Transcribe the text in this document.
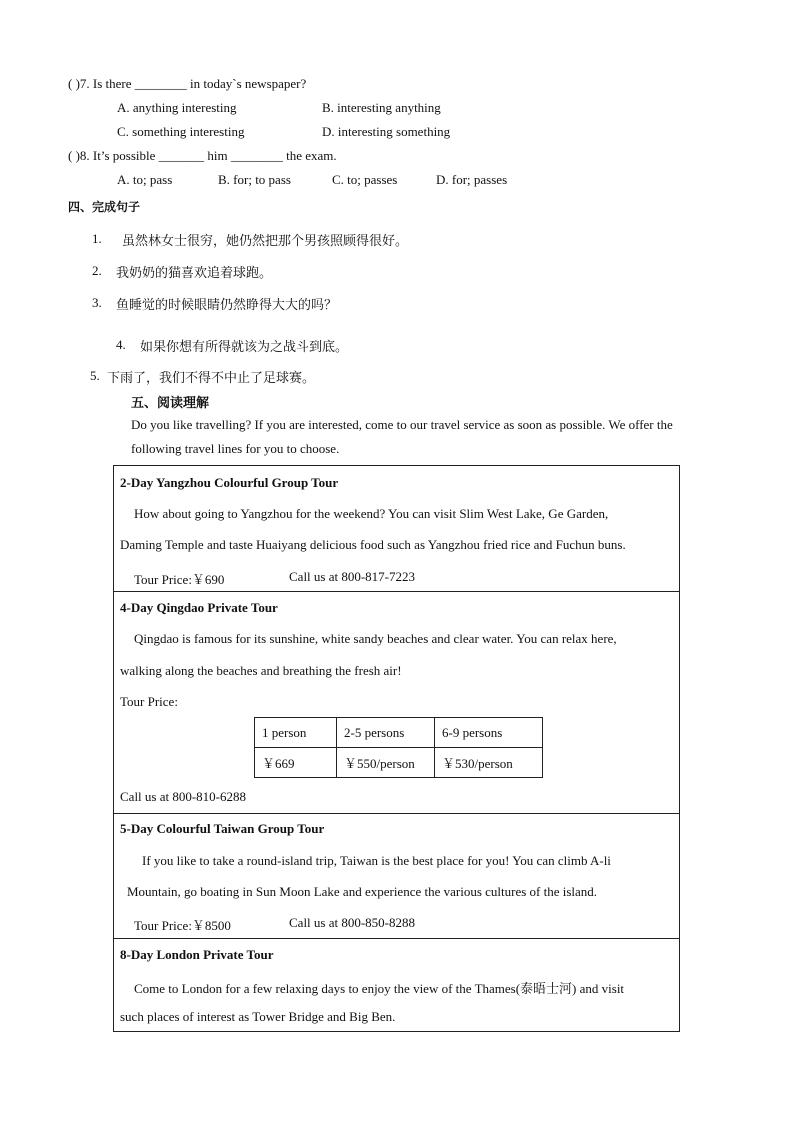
( )7. Is there ________ in today`s newspaper?
A. anything interesting	B. interesting anything
C. something interesting	D. interesting something
( )8. It’s possible _______ him ________ the exam.
A. to; pass	B. for; to pass	C. to; passes	D. for; passes
四、完成句子
1. 虽然林女士很穷，她仍然把那个男孩照顾得很好。
2. 我奶奶的猫喜欢追着球跑。
3. 鱼睡觉的时候眼睛仍然睁得大大的吗？
4. 如果你想有所得就该为之战斗到底。
5. 下雨了，我们不得不中止了足球赛。
五、阅读理解
Do you like travelling? If you are interested, come to our travel service as soon as possible. We offer the
following travel lines for you to choose.
2-Day Yangzhou Colourful Group Tour
How about going to Yangzhou for the weekend? You can visit Slim West Lake, Ge Garden,
Daming Temple and taste Huaiyang delicious food such as Yangzhou fried rice and Fuchun buns.
Tour Price:￥690	Call us at 800-817-7223
4-Day Qingdao Private Tour
Qingdao is famous for its sunshine, white sandy beaches and clear water. You can relax here,
walking along the beaches and breathing the fresh air!
Tour Price:
1 person	2-5 persons	6-9 persons
￥669	￥550/person	￥530/person
Call us at 800-810-6288
5-Day Colourful Taiwan Group Tour
If you like to take a round-island trip, Taiwan is the best place for you! You can climb A-li
Mountain, go boating in Sun Moon Lake and experience the various cultures of the island.
Tour Price:￥8500	Call us at 800-850-8288
8-Day London Private Tour
Come to London for a few relaxing days to enjoy the view of the Thames(泰晤士河) and visit
such places of interest as Tower Bridge and Big Ben.
